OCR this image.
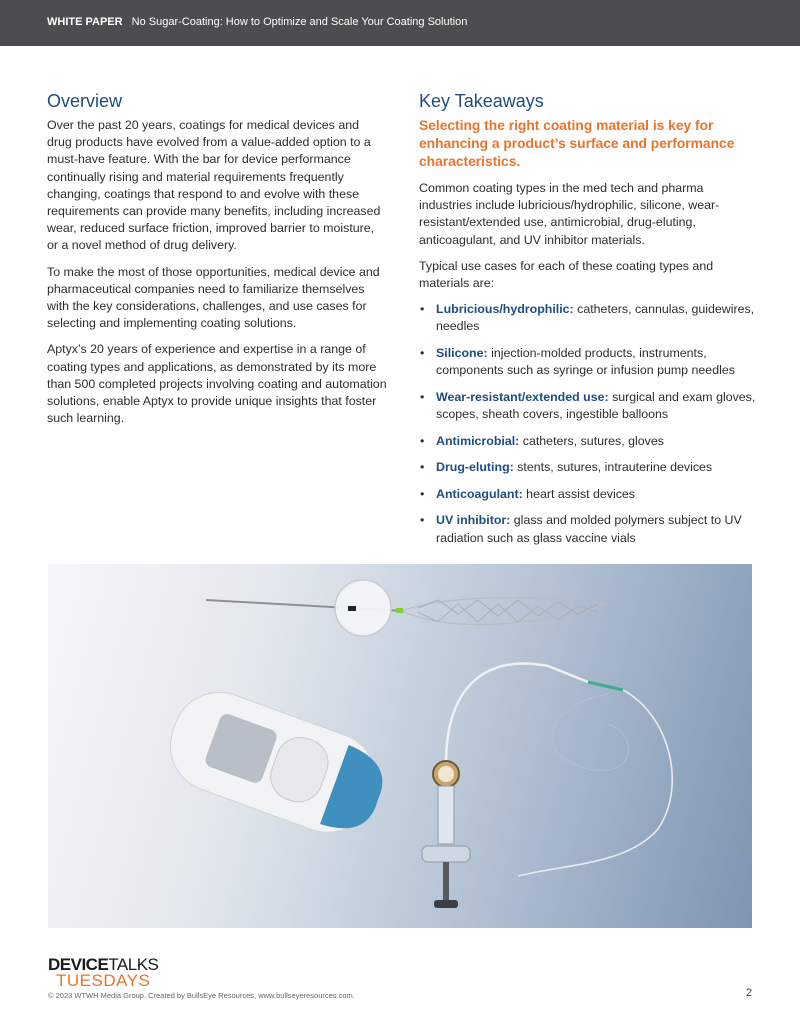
WHITE PAPER No Sugar-Coating: How to Optimize and Scale Your Coating Solution
Overview

Over the past 20 years, coatings for medical devices and drug products have evolved from a value-added option to a must-have feature. With the bar for device performance continually rising and material requirements frequently changing, coatings that respond to and evolve with these requirements can provide many benefits, including increased wear, reduced surface friction, improved barrier to moisture, or a novel method of drug delivery.

To make the most of those opportunities, medical device and pharmaceutical companies need to familiarize themselves with the key considerations, challenges, and use cases for selecting and implementing coating solutions.

Aptyx’s 20 years of experience and expertise in a range of coating types and applications, as demonstrated by its more than 500 completed projects involving coating and automation solutions, enable Aptyx to provide unique insights that foster such learning.

Key Takeaways

Selecting the right coating material is key for enhancing a product’s surface and performance characteristics.

Common coating types in the med tech and pharma industries include lubricious/hydrophilic, silicone, wear-resistant/extended use, antimicrobial, drug-eluting, anticoagulant, and UV inhibitor materials.

Typical use cases for each of these coating types and materials are:

• Lubricious/hydrophilic: catheters, cannulas, guidewires, needles
• Silicone: injection-molded products, instruments, components such as syringe or infusion pump needles
• Wear-resistant/extended use: surgical and exam gloves, scopes, sheath covers, ingestible balloons
• Antimicrobial: catheters, sutures, gloves
• Drug-eluting: stents, sutures, intrauterine devices
• Anticoagulant: heart assist devices
• UV inhibitor: glass and molded polymers subject to UV radiation such as glass vaccine vials
DEVICETALKS
TUESDAYS
© 2023 WTWH Media Group. Created by BullsEye Resources, www.bullseyeresources.com.	2
